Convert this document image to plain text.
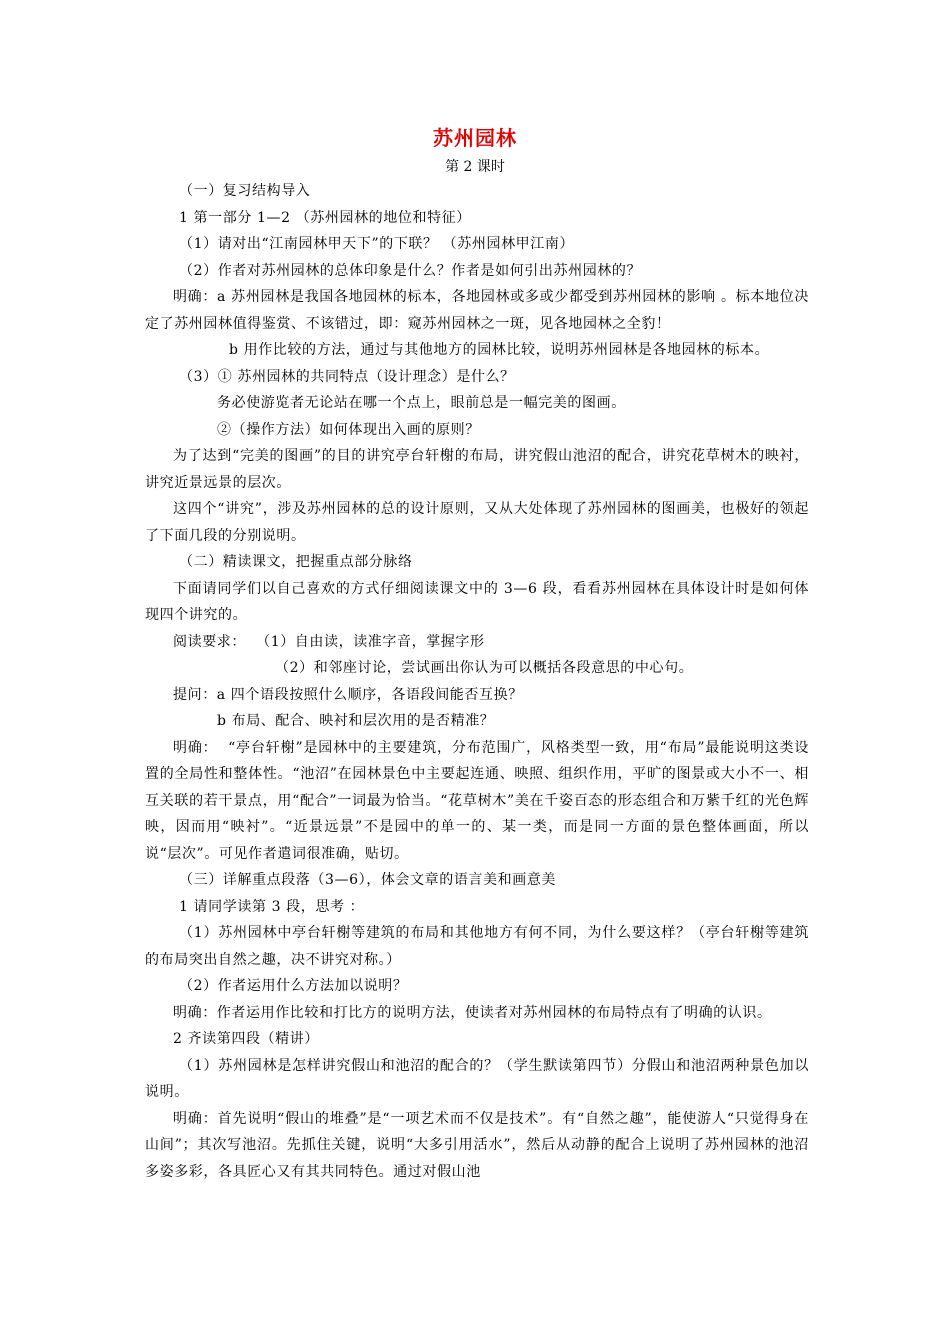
苏州园林
第 2 课时

（一）复习结构导入

1 第一部分 1—2 （苏州园林的地位和特征）

（1）请对出“江南园林甲天下”的下联？ （苏州园林甲江南）

（2）作者对苏州园林的总体印象是什么？作者是如何引出苏州园林的？

明确：a 苏州园林是我国各地园林的标本，各地园林或多或少都受到苏州园林的影响 。标本地位决定了苏州园林值得鉴赏、不该错过，即：窥苏州园林之一斑，见各地园林之全豹！

b 用作比较的方法，通过与其他地方的园林比较，说明苏州园林是各地园林的标本。

（3）① 苏州园林的共同特点（设计理念）是什么？

务必使游览者无论站在哪一个点上，眼前总是一幅完美的图画。

②（操作方法）如何体现出入画的原则？

为了达到“完美的图画”的目的讲究亭台轩榭的布局，讲究假山池沼的配合，讲究花草树木的映衬，讲究近景远景的层次。

这四个“讲究”，涉及苏州园林的总的设计原则，又从大处体现了苏州园林的图画美，也极好的领起了下面几段的分别说明。

（二）精读课文，把握重点部分脉络

下面请同学们以自己喜欢的方式仔细阅读课文中的 3—6 段，看看苏州园林在具体设计时是如何体现四个讲究的。

阅读要求：  （1）自由读，读准字音，掌握字形

（2）和邻座讨论，尝试画出你认为可以概括各段意思的中心句。

提问：a 四个语段按照什么顺序，各语段间能否互换？

b 布局、配合、映衬和层次用的是否精准？

明确：  “亭台轩榭”是园林中的主要建筑，分布范围广，风格类型一致，用“布局”最能说明这类设置的全局性和整体性。“池沼”在园林景色中主要起连通、映照、组织作用，平旷的图景或大小不一、相互关联的若干景点，用“配合”一词最为恰当。“花草树木”美在千姿百态的形态组合和万紫千红的光色辉映，因而用“映衬”。“近景远景”不是园中的单一的、某一类，而是同一方面的景色整体画面，所以说“层次”。可见作者遣词很准确，贴切。

（三）详解重点段落（3—6），体会文章的语言美和画意美

1 请同学读第 3 段，思考 ：

（1）苏州园林中亭台轩榭等建筑的布局和其他地方有何不同，为什么要这样？（亭台轩榭等建筑的布局突出自然之趣，决不讲究对称。）

（2）作者运用什么方法加以说明？

明确：作者运用作比较和打比方的说明方法，使读者对苏州园林的布局特点有了明确的认识。

2 齐读第四段（精讲）

（1）苏州园林是怎样讲究假山和池沼的配合的？（学生默读第四节）分假山和池沼两种景色加以说明。

明确：首先说明“假山的堆叠”是“一项艺术而不仅是技术”。有“自然之趣”，能使游人“只觉得身在山间”；其次写池沼。先抓住关键，说明“大多引用活水”，然后从动静的配合上说明了苏州园林的池沼多姿多彩，各具匠心又有其共同特色。通过对假山池
